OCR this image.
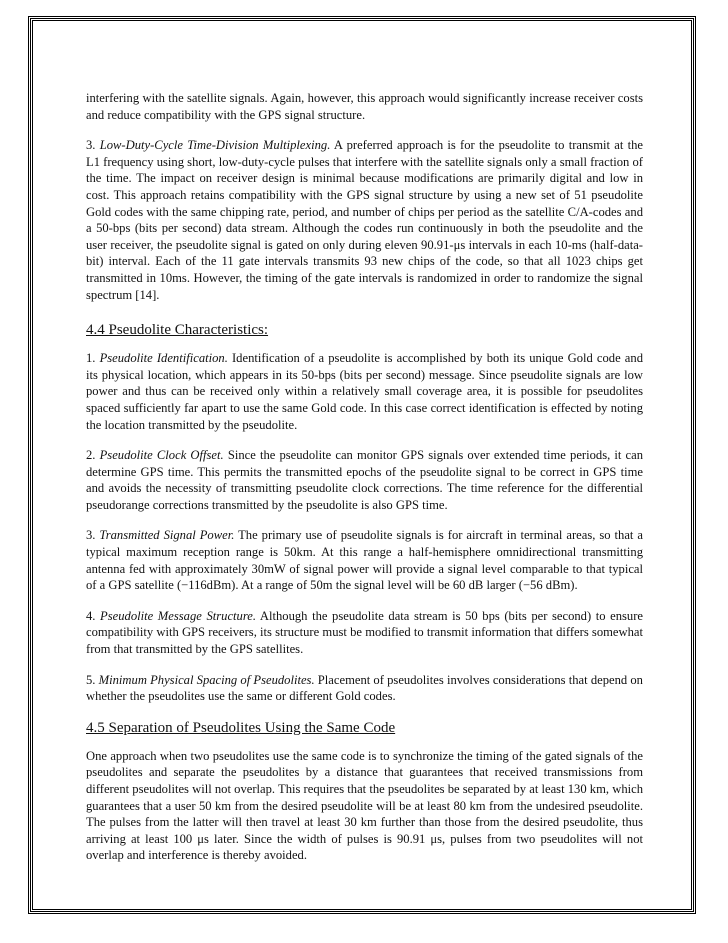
interfering with the satellite signals. Again, however, this approach would significantly increase receiver costs and reduce compatibility with the GPS signal structure.

3. Low-Duty-Cycle Time-Division Multiplexing. A preferred approach is for the pseudolite to transmit at the L1 frequency using short, low-duty-cycle pulses that interfere with the satellite signals only a small fraction of the time. The impact on receiver design is minimal because modifications are primarily digital and low in cost. This approach retains compatibility with the GPS signal structure by using a new set of 51 pseudolite Gold codes with the same chipping rate, period, and number of chips per period as the satellite C/A-codes and a 50-bps (bits per second) data stream. Although the codes run continuously in both the pseudolite and the user receiver, the pseudolite signal is gated on only during eleven 90.91-μs intervals in each 10-ms (half-data-bit) interval. Each of the 11 gate intervals transmits 93 new chips of the code, so that all 1023 chips get transmitted in 10ms. However, the timing of the gate intervals is randomized in order to randomize the signal spectrum [14].

4.4 Pseudolite Characteristics:

1. Pseudolite Identification. Identification of a pseudolite is accomplished by both its unique Gold code and its physical location, which appears in its 50-bps (bits per second) message. Since pseudolite signals are low power and thus can be received only within a relatively small coverage area, it is possible for pseudolites spaced sufficiently far apart to use the same Gold code. In this case correct identification is effected by noting the location transmitted by the pseudolite.

2. Pseudolite Clock Offset. Since the pseudolite can monitor GPS signals over extended time periods, it can determine GPS time. This permits the transmitted epochs of the pseudolite signal to be correct in GPS time and avoids the necessity of transmitting pseudolite clock corrections. The time reference for the differential pseudorange corrections transmitted by the pseudolite is also GPS time.

3. Transmitted Signal Power. The primary use of pseudolite signals is for aircraft in terminal areas, so that a typical maximum reception range is 50km. At this range a half-hemisphere omnidirectional transmitting antenna fed with approximately 30mW of signal power will provide a signal level comparable to that typical of a GPS satellite (−116dBm). At a range of 50m the signal level will be 60 dB larger (−56 dBm).

4. Pseudolite Message Structure. Although the pseudolite data stream is 50 bps (bits per second) to ensure compatibility with GPS receivers, its structure must be modified to transmit information that differs somewhat from that transmitted by the GPS satellites.

5. Minimum Physical Spacing of Pseudolites. Placement of pseudolites involves considerations that depend on whether the pseudolites use the same or different Gold codes.

4.5 Separation of Pseudolites Using the Same Code

One approach when two pseudolites use the same code is to synchronize the timing of the gated signals of the pseudolites and separate the pseudolites by a distance that guarantees that received transmissions from different pseudolites will not overlap. This requires that the pseudolites be separated by at least 130 km, which guarantees that a user 50 km from the desired pseudolite will be at least 80 km from the undesired pseudolite. The pulses from the latter will then travel at least 30 km further than those from the desired pseudolite, thus arriving at least 100 μs later. Since the width of pulses is 90.91 μs, pulses from two pseudolites will not overlap and interference is thereby avoided.
